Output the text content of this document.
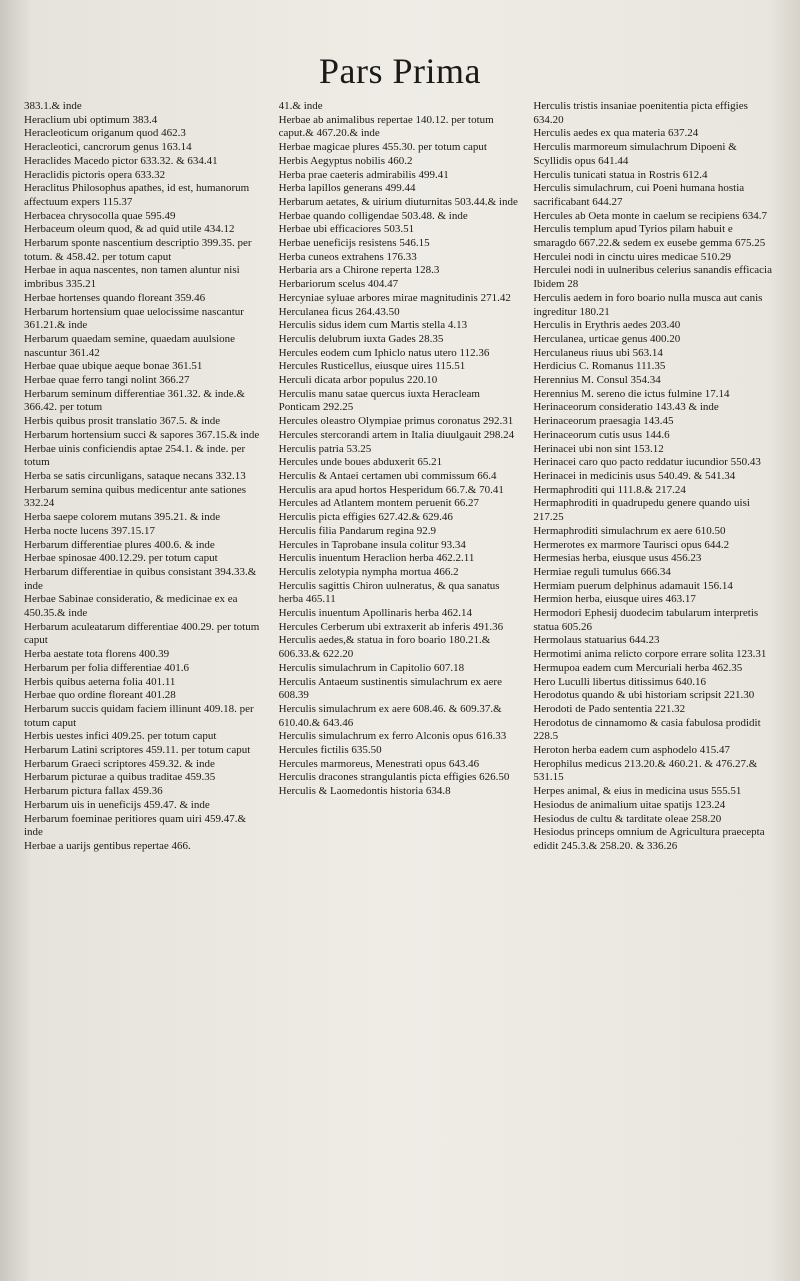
Pars Prima

383.1.& inde

Heraclium ubi optimum 383.4

Heracleoticum origanum quod 462.3

Heracleotici, cancrorum genus 163.14

Heraclides Macedo pictor 633.32. & 634.41

Heraclidis pictoris opera 633.32

Heraclitus Philosophus apathes, id est, humanorum affectuum expers 115.37

Herbacea chrysocolla quae 595.49

Herbaceum oleum quod, & ad quid utile 434.12

Herbarum sponte nascentium descriptio 399.35. per totum. & 458.42. per totum caput

Herbae in aqua nascentes, non tamen aluntur nisi imbribus 335.21

Herbae hortenses quando floreant 359.46

Herbarum hortensium quae uelocissime nascantur 361.21.& inde

Herbarum quaedam semine, quaedam auulsione nascuntur 361.42

Herbae quae ubique aeque bonae 361.51

Herbae quae ferro tangi nolint 366.27

Herbarum seminum differentiae 361.32. & inde.& 366.42. per totum

Herbis quibus prosit translatio 367.5. & inde

Herbarum hortensium succi & sapores 367.15.& inde

Herbae uinis conficiendis aptae 254.1. & inde. per totum

Herba se satis circunligans, sataque necans 332.13

Herbarum semina quibus medicentur ante sationes 332.24

Herba saepe colorem mutans 395.21. & inde

Herba nocte lucens 397.15.17

Herbarum differentiae plures 400.6. & inde

Herbae spinosae 400.12.29. per totum caput

Herbarum differentiae in quibus consistant 394.33.& inde

Herbae Sabinae consideratio, & medicinae ex ea 450.35.& inde

Herbarum aculeatarum differentiae 400.29. per totum caput

Herba aestate tota florens 400.39

Herbarum per folia differentiae 401.6

Herbis quibus aeterna folia 401.11

Herbae quo ordine floreant 401.28

Herbarum succis quidam faciem illinunt 409.18. per totum caput

Herbis uestes infici 409.25. per totum caput

Herbarum Latini scriptores 459.11. per totum caput

Herbarum Graeci scriptores 459.32. & inde

Herbarum picturae a quibus traditae 459.35

Herbarum pictura fallax 459.36

Herbarum uis in ueneficijs 459.47. & inde

Herbarum foeminae peritiores quam uiri 459.47.& inde

Herbae a uarijs gentibus repertae 466.

41.& inde

Herbae ab animalibus repertae 140.12. per totum caput.& 467.20.& inde

Herbae magicae plures 455.30. per totum caput

Herbis Aegyptus nobilis 460.2

Herba prae caeteris admirabilis 499.41

Herba lapillos generans 499.44

Herbarum aetates, & uirium diuturnitas 503.44.& inde

Herbae quando colligendae 503.48. & inde

Herbae ubi efficaciores 503.51

Herbae ueneficijs resistens 546.15

Herba cuneos extrahens 176.33

Herbaria ars a Chirone reperta 128.3

Herbariorum scelus 404.47

Hercyniae syluae arbores mirae magnitudinis 271.42

Herculanea ficus 264.43.50

Herculis sidus idem cum Martis stella 4.13

Herculis delubrum iuxta Gades 28.35

Hercules eodem cum Iphiclo natus utero 112.36

Hercules Rusticellus, eiusque uires 115.51

Herculi dicata arbor populus 220.10

Herculis manu satae quercus iuxta Heracleam Ponticam 292.25

Hercules oleastro Olympiae primus coronatus 292.31

Hercules stercorandi artem in Italia diuulgauit 298.24

Herculis patria 53.25

Hercules unde boues abduxerit 65.21

Herculis & Antaei certamen ubi commissum 66.4

Herculis ara apud hortos Hesperidum 66.7.& 70.41

Hercules ad Atlantem montem peruenit 66.27

Herculis picta effigies 627.42.& 629.46

Herculis filia Pandarum regina 92.9

Hercules in Taprobane insula colitur 93.34

Herculis inuentum Heraclion herba 462.2.11

Herculis zelotypia nympha mortua 466.2

Herculis sagittis Chiron uulneratus, & qua sanatus herba 465.11

Herculis inuentum Apollinaris herba 462.14

Hercules Cerberum ubi extraxerit ab inferis 491.36

Herculis aedes,& statua in foro boario 180.21.& 606.33.& 622.20

Herculis simulachrum in Capitolio 607.18

Herculis Antaeum sustinentis simulachrum ex aere 608.39

Herculis simulachrum ex aere 608.46. & 609.37.& 610.40.& 643.46

Herculis simulachrum ex ferro Alconis opus 616.33

Hercules fictilis 635.50

Hercules marmoreus, Menestrati opus 643.46

Herculis dracones strangulantis picta effigies 626.50

Herculis & Laomedontis historia 634.8

Herculis tristis insaniae poenitentia picta effigies 634.20

Herculis aedes ex qua materia 637.24

Herculis marmoreum simulachrum Dipoeni & Scyllidis opus 641.44

Herculis tunicati statua in Rostris 612.4

Herculis simulachrum, cui Poeni humana hostia sacrificabant 644.27

Hercules ab Oeta monte in caelum se recipiens 634.7

Herculis templum apud Tyrios pilam habuit e smaragdo 667.22.& sedem ex eusebe gemma 675.25

Herculei nodi in cinctu uires medicae 510.29

Herculei nodi in uulneribus celerius sanandis efficacia Ibidem 28

Herculis aedem in foro boario nulla musca aut canis ingreditur 180.21

Herculis in Erythris aedes 203.40

Herculanea, urticae genus 400.20

Herculaneus riuus ubi 563.14

Herdicius C. Romanus 111.35

Herennius M. Consul 354.34

Herennius M. sereno die ictus fulmine 17.14

Herinaceorum consideratio 143.43 & inde

Herinaceorum praesagia 143.45

Herinaceorum cutis usus 144.6

Herinacei ubi non sint 153.12

Herinacei caro quo pacto reddatur iucundior 550.43

Herinacei in medicinis usus 540.49. & 541.34

Hermaphroditi qui 111.8.& 217.24

Hermaphroditi in quadrupedu genere quando uisi 217.25

Hermaphroditi simulachrum ex aere 610.50

Hermerotes ex marmore Taurisci opus 644.2

Hermesias herba, eiusque usus 456.23

Hermiae reguli tumulus 666.34

Hermiam puerum delphinus adamauit 156.14

Hermion herba, eiusque uires 463.17

Hermodori Ephesij duodecim tabularum interpretis statua 605.26

Hermolaus statuarius 644.23

Hermotimi anima relicto corpore errare solita 123.31

Hermupoa eadem cum Mercuriali herba 462.35

Hero Luculli libertus ditissimus 640.16

Herodotus quando & ubi historiam scripsit 221.30

Herodoti de Pado sententia 221.32

Herodotus de cinnamomo & casia fabulosa prodidit 228.5

Heroton herba eadem cum asphodelo 415.47

Herophilus medicus 213.20.& 460.21. & 476.27.& 531.15

Herpes animal, & eius in medicina usus 555.51

Hesiodus de animalium uitae spatijs 123.24

Hesiodus de cultu & tarditate oleae 258.20

Hesiodus princeps omnium de Agricultura praecepta edidit 245.3.& 258.20. & 336.26
